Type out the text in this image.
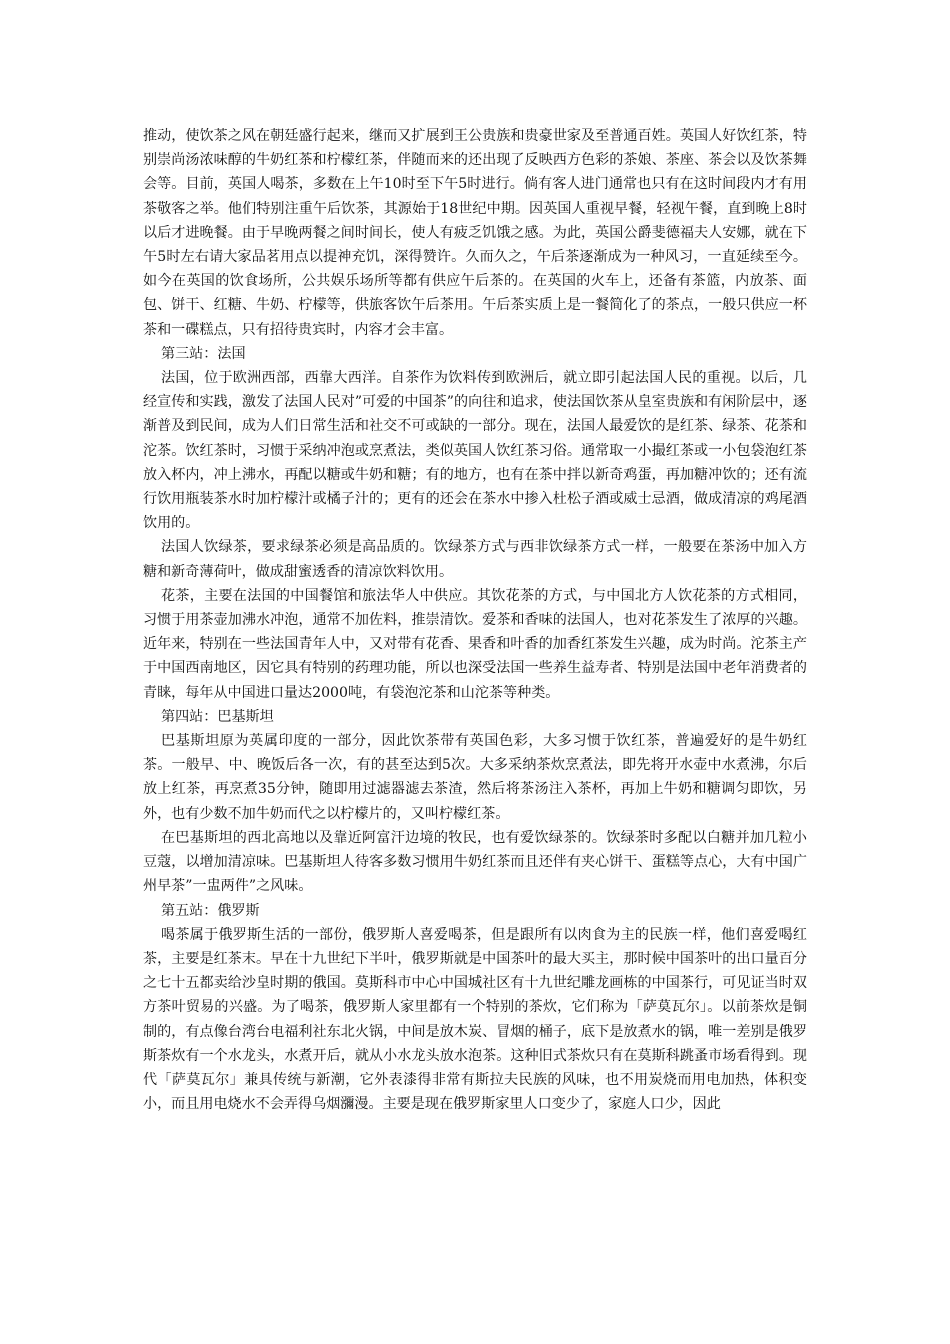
推动，使饮茶之风在朝廷盛行起来，继而又扩展到王公贵族和贵豪世家及至普通百姓。英国人好饮红茶，特别崇尚汤浓味醇的牛奶红茶和柠檬红茶，伴随而来的还出现了反映西方色彩的茶娘、茶座、茶会以及饮茶舞会等。目前，英国人喝茶，多数在上午10时至下午5时进行。倘有客人进门通常也只有在这时间段内才有用茶敬客之举。他们特别注重午后饮茶，其源始于18世纪中期。因英国人重视早餐，轻视午餐，直到晚上8时以后才进晚餐。由于早晚两餐之间时间长，使人有疲乏饥饿之感。为此，英国公爵斐德福夫人安娜，就在下午5时左右请大家品茗用点以提神充饥，深得赞许。久而久之，午后茶逐渐成为一种风习，一直延续至今。如今在英国的饮食场所，公共娱乐场所等都有供应午后茶的。在英国的火车上，还备有茶篮，内放茶、面包、饼干、红糖、牛奶、柠檬等，供旅客饮午后茶用。午后茶实质上是一餐简化了的茶点，一般只供应一杯茶和一碟糕点，只有招待贵宾时，内容才会丰富。

第三站：法国

法国，位于欧洲西部，西靠大西洋。自茶作为饮料传到欧洲后，就立即引起法国人民的重视。以后，几经宣传和实践，激发了法国人民对”可爱的中国茶”的向往和追求，使法国饮茶从皇室贵族和有闲阶层中，逐渐普及到民间，成为人们日常生活和社交不可或缺的一部分。现在，法国人最爱饮的是红茶、绿茶、花茶和沱茶。饮红茶时，习惯于采纳冲泡或烹煮法，类似英国人饮红茶习俗。通常取一小撮红茶或一小包袋泡红茶放入杯内，冲上沸水，再配以糖或牛奶和糖；有的地方，也有在茶中拌以新奇鸡蛋，再加糖冲饮的；还有流行饮用瓶装茶水时加柠檬汁或橘子汁的；更有的还会在茶水中掺入杜松子酒或威士忌酒，做成清凉的鸡尾酒饮用的。

法国人饮绿茶，要求绿茶必须是高品质的。饮绿茶方式与西非饮绿茶方式一样，一般要在茶汤中加入方糖和新奇薄荷叶，做成甜蜜透香的清凉饮料饮用。

花茶，主要在法国的中国餐馆和旅法华人中供应。其饮花茶的方式，与中国北方人饮花茶的方式相同，习惯于用茶壶加沸水冲泡，通常不加佐料，推崇清饮。爱茶和香味的法国人，也对花茶发生了浓厚的兴趣。近年来，特别在一些法国青年人中，又对带有花香、果香和叶香的加香红茶发生兴趣，成为时尚。沱茶主产于中国西南地区，因它具有特别的药理功能，所以也深受法国一些养生益寿者、特别是法国中老年消费者的青睐，每年从中国进口量达2000吨，有袋泡沱茶和山沱茶等种类。

第四站：巴基斯坦

巴基斯坦原为英属印度的一部分，因此饮茶带有英国色彩，大多习惯于饮红茶，普遍爱好的是牛奶红茶。一般早、中、晚饭后各一次，有的甚至达到5次。大多采纳茶炊烹煮法，即先将开水壶中水煮沸，尔后放上红茶，再烹煮35分钟，随即用过滤器滤去茶渣，然后将茶汤注入茶杯，再加上牛奶和糖调匀即饮，另外，也有少数不加牛奶而代之以柠檬片的，又叫柠檬红茶。

在巴基斯坦的西北高地以及靠近阿富汗边境的牧民，也有爱饮绿茶的。饮绿茶时多配以白糖并加几粒小豆蔻，以增加清凉味。巴基斯坦人待客多数习惯用牛奶红茶而且还伴有夹心饼干、蛋糕等点心，大有中国广州早茶”一盅两件”之风味。

第五站：俄罗斯

喝茶属于俄罗斯生活的一部份，俄罗斯人喜爱喝茶，但是跟所有以肉食为主的民族一样，他们喜爱喝红茶，主要是红茶末。早在十九世纪下半叶，俄罗斯就是中国茶叶的最大买主，那时候中国茶叶的出口量百分之七十五都卖给沙皇时期的俄国。莫斯科市中心中国城社区有十九世纪雕龙画栋的中国茶行，可见证当时双方茶叶贸易的兴盛。为了喝茶，俄罗斯人家里都有一个特别的茶炊，它们称为「萨莫瓦尔」。以前茶炊是铜制的，有点像台湾台电福利社东北火锅，中间是放木炭、冒烟的桶子，底下是放煮水的锅，唯一差别是俄罗斯茶炊有一个水龙头，水煮开后，就从小水龙头放水泡茶。这种旧式茶炊只有在莫斯科跳蚤市场看得到。现代「萨莫瓦尔」兼具传统与新潮，它外表漆得非常有斯拉夫民族的风味，也不用炭烧而用电加热，体积变小，而且用电烧水不会弄得乌烟瀰漫。主要是现在俄罗斯家里人口变少了，家庭人口少，因此
